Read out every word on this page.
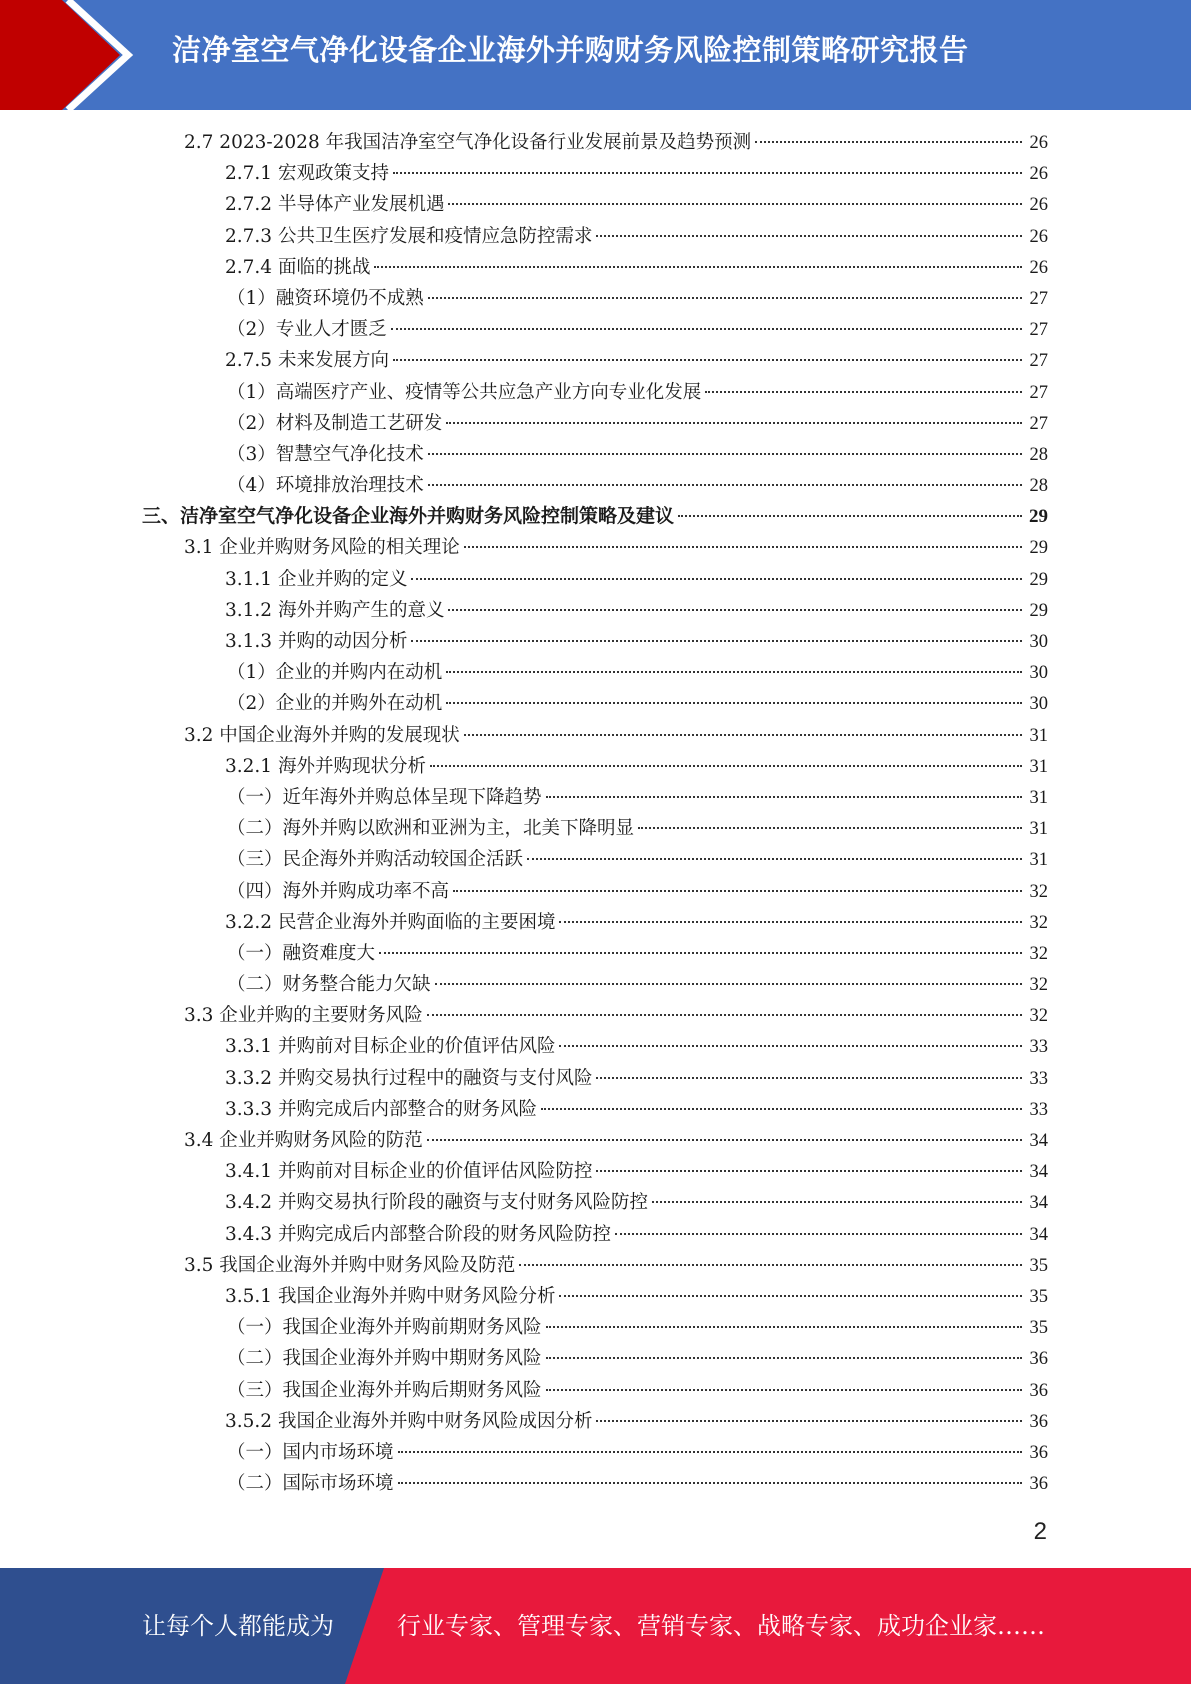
洁净室空气净化设备企业海外并购财务风险控制策略研究报告
2.7 2023-2028 年我国洁净室空气净化设备行业发展前景及趋势预测	26
2.7.1 宏观政策支持	26
2.7.2 半导体产业发展机遇	26
2.7.3 公共卫生医疗发展和疫情应急防控需求	26
2.7.4 面临的挑战	26
（1）融资环境仍不成熟	27
（2）专业人才匮乏	27
2.7.5 未来发展方向	27
（1）高端医疗产业、疫情等公共应急产业方向专业化发展	27
（2）材料及制造工艺研发	27
（3）智慧空气净化技术	28
（4）环境排放治理技术	28
三、洁净室空气净化设备企业海外并购财务风险控制策略及建议	29
3.1 企业并购财务风险的相关理论	29
3.1.1 企业并购的定义	29
3.1.2 海外并购产生的意义	29
3.1.3 并购的动因分析	30
（1）企业的并购内在动机	30
（2）企业的并购外在动机	30
3.2 中国企业海外并购的发展现状	31
3.2.1 海外并购现状分析	31
（一）近年海外并购总体呈现下降趋势	31
（二）海外并购以欧洲和亚洲为主，北美下降明显	31
（三）民企海外并购活动较国企活跃	31
（四）海外并购成功率不高	32
3.2.2 民营企业海外并购面临的主要困境	32
（一）融资难度大	32
（二）财务整合能力欠缺	32
3.3 企业并购的主要财务风险	32
3.3.1 并购前对目标企业的价值评估风险	33
3.3.2 并购交易执行过程中的融资与支付风险	33
3.3.3 并购完成后内部整合的财务风险	33
3.4 企业并购财务风险的防范	34
3.4.1 并购前对目标企业的价值评估风险防控	34
3.4.2 并购交易执行阶段的融资与支付财务风险防控	34
3.4.3 并购完成后内部整合阶段的财务风险防控	34
3.5 我国企业海外并购中财务风险及防范	35
3.5.1 我国企业海外并购中财务风险分析	35
（一）我国企业海外并购前期财务风险	35
（二）我国企业海外并购中期财务风险	36
（三）我国企业海外并购后期财务风险	36
3.5.2 我国企业海外并购中财务风险成因分析	36
（一）国内市场环境	36
（二）国际市场环境	36
2
让每个人都能成为	行业专家、管理专家、营销专家、战略专家、成功企业家……
